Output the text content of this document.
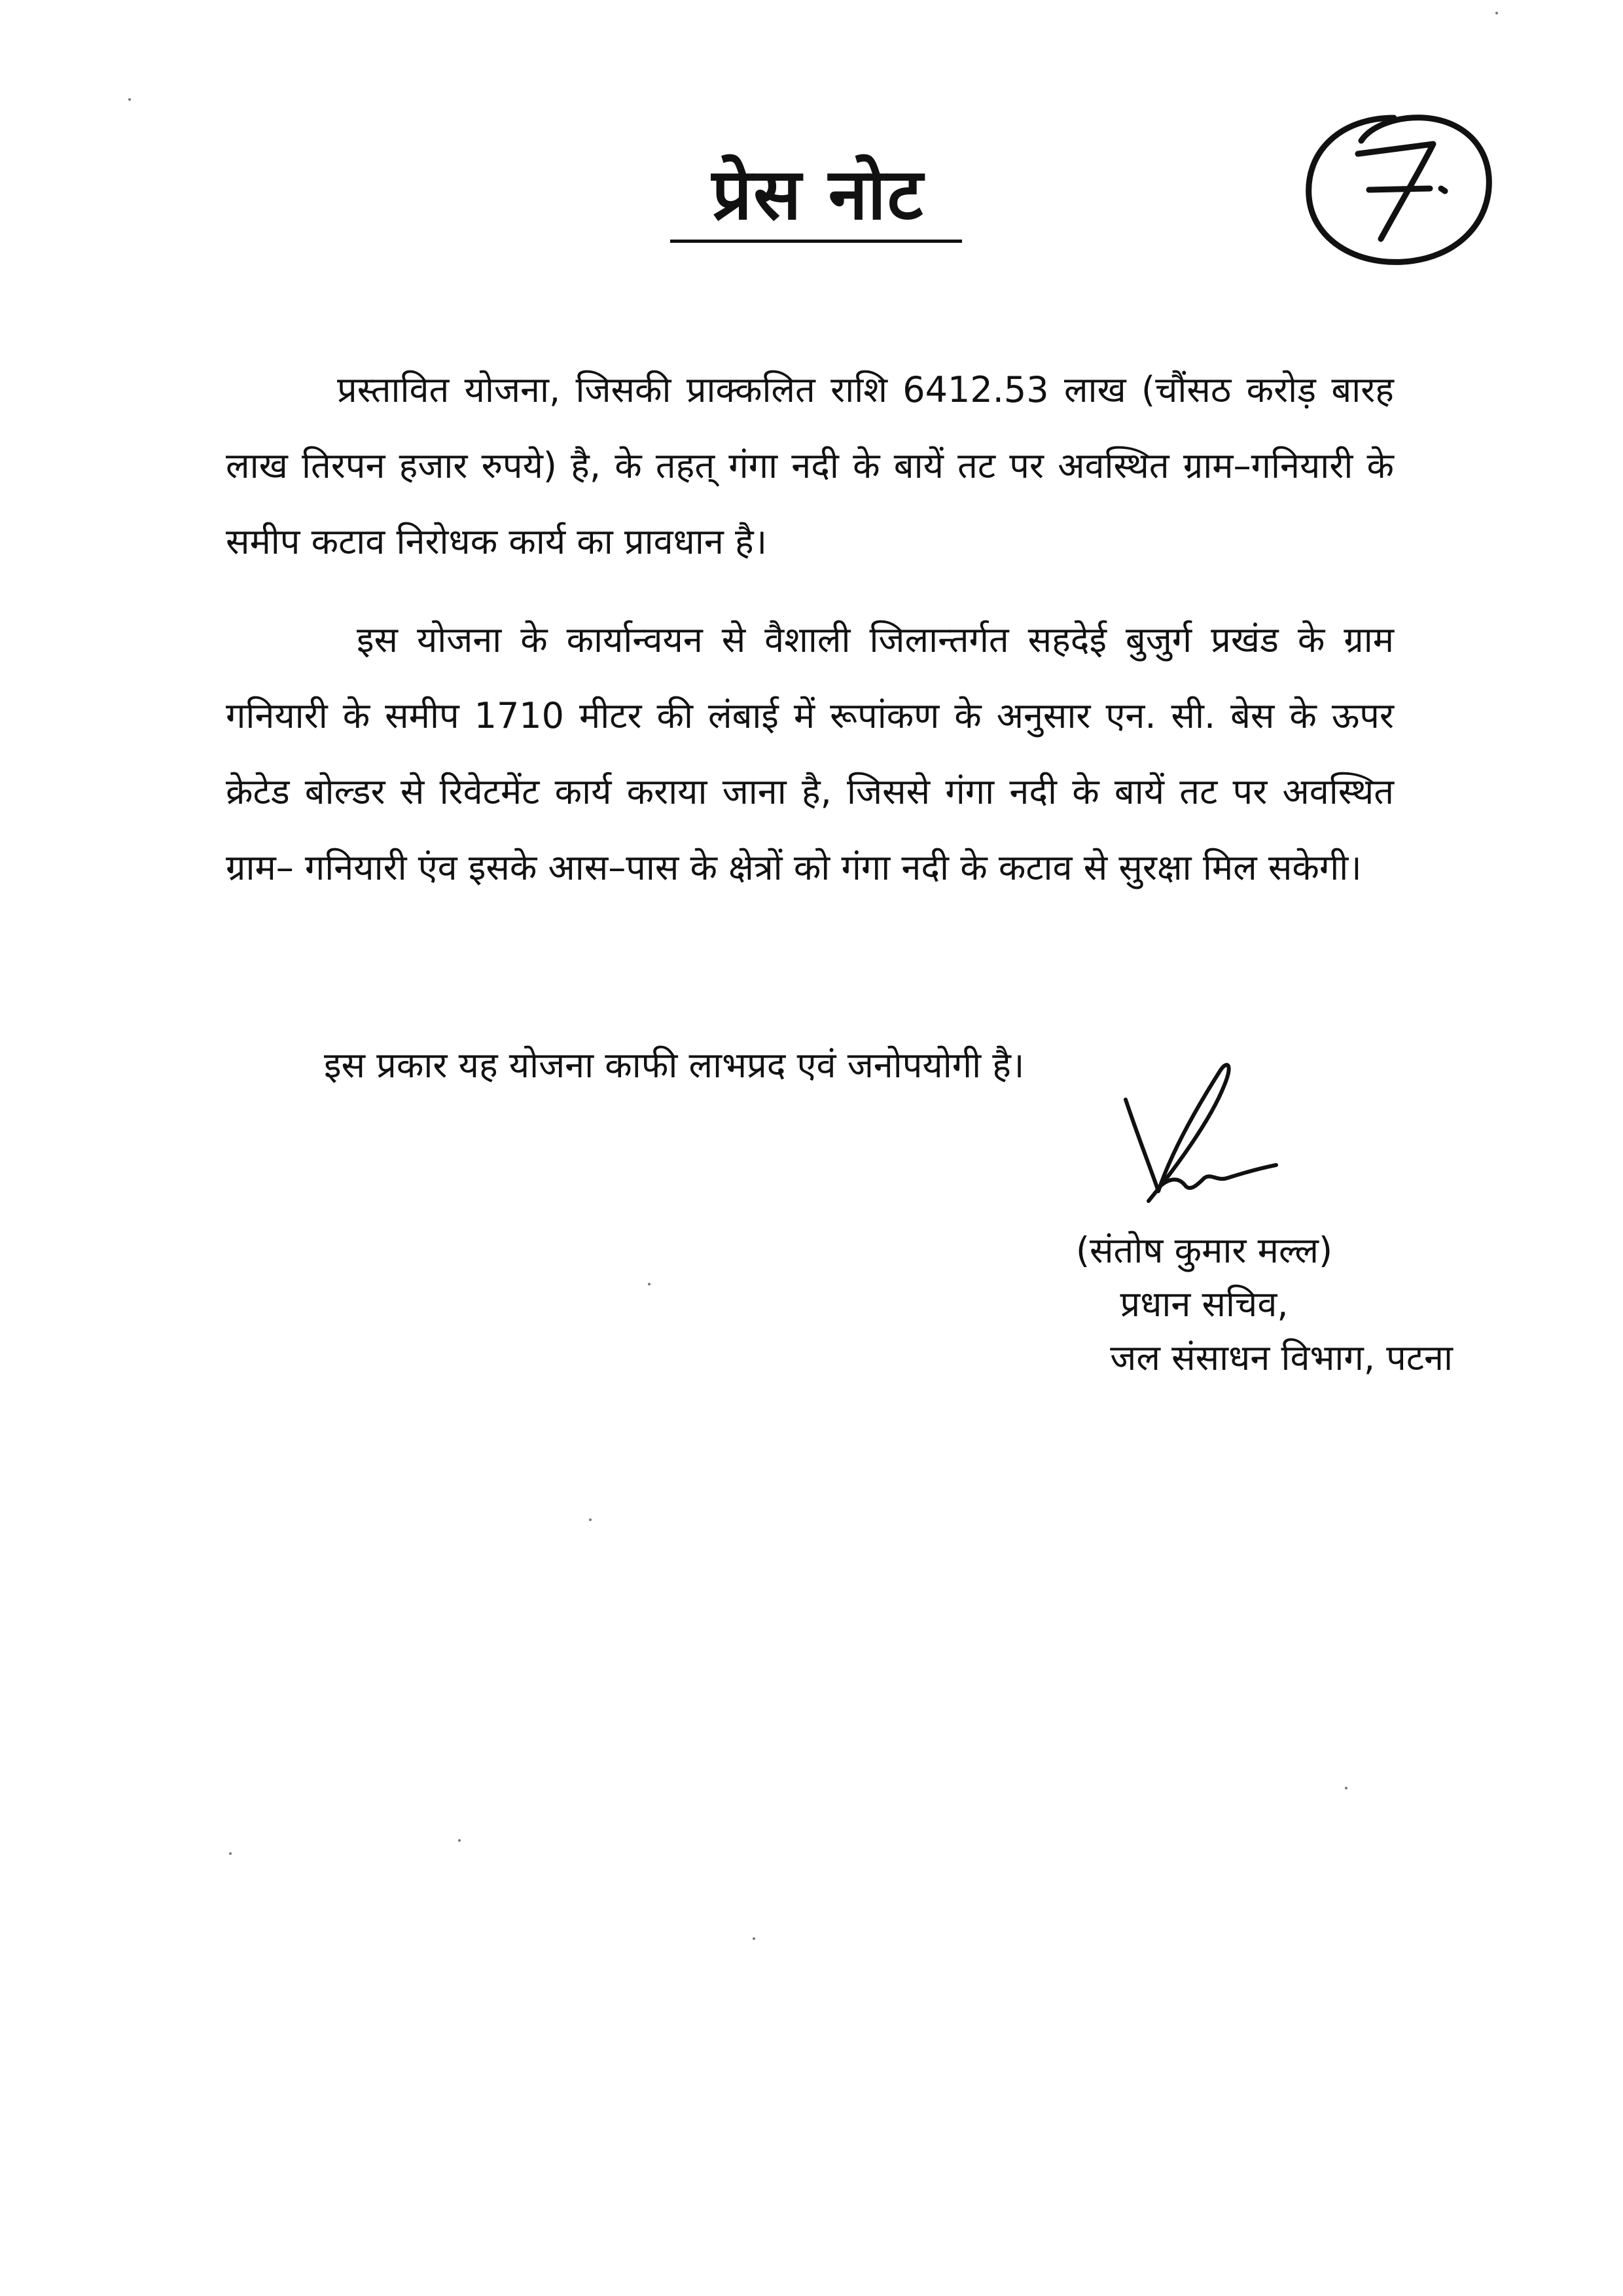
प्रेस नोट

प्रस्तावित योजना, जिसकी प्राक्कलित राशि 6412.53 लाख (चौंसठ करोड़ बारह लाख तिरपन हजार रुपये) है, के तहत् गंगा नदी के बायें तट पर अवस्थित ग्राम–गनियारी के समीप कटाव निरोधक कार्य का प्रावधान है।

इस योजना के कार्यान्वयन से वैशाली जिलान्तर्गत सहदेई बुजुर्ग प्रखंड के ग्राम गनियारी के समीप 1710 मीटर की लंबाई में रूपांकण के अनुसार एन. सी. बेस के ऊपर क्रेटेड बोल्डर से रिवेटमेंट कार्य कराया जाना है, जिससे गंगा नदी के बायें तट पर अवस्थित ग्राम– गनियारी एंव इसके आस–पास के क्षेत्रों को गंगा नदी के कटाव से सुरक्षा मिल सकेगी।

इस प्रकार यह योजना काफी लाभप्रद एवं जनोपयोगी है।

(संतोष कुमार मल्ल)
प्रधान सचिव,
जल संसाधन विभाग, पटना
